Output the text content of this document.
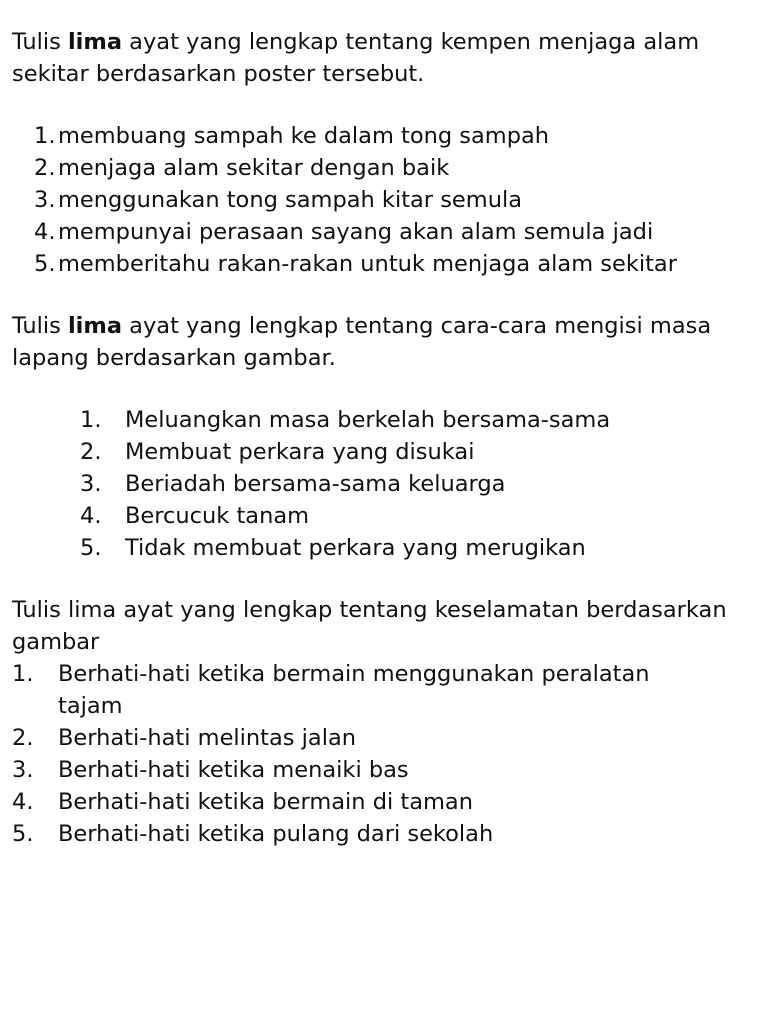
Tulis lima ayat yang lengkap tentang kempen menjaga alam sekitar berdasarkan poster tersebut.

1. membuang sampah ke dalam tong sampah
2. menjaga alam sekitar dengan baik
3. menggunakan tong sampah kitar semula
4. mempunyai perasaan sayang akan alam semula jadi
5. memberitahu rakan-rakan untuk menjaga alam sekitar

Tulis lima ayat yang lengkap tentang cara-cara mengisi masa lapang berdasarkan gambar.

1.	Meluangkan masa berkelah bersama-sama
2.	Membuat perkara yang disukai
3.	Beriadah bersama-sama keluarga
4.	Bercucuk tanam
5.	Tidak membuat perkara yang merugikan

Tulis lima ayat yang lengkap tentang keselamatan berdasarkan gambar

1.	Berhati-hati ketika bermain menggunakan peralatan tajam
2.	Berhati-hati melintas jalan
3.	Berhati-hati ketika menaiki bas
4.	Berhati-hati ketika bermain di taman
5.	Berhati-hati ketika pulang dari sekolah
